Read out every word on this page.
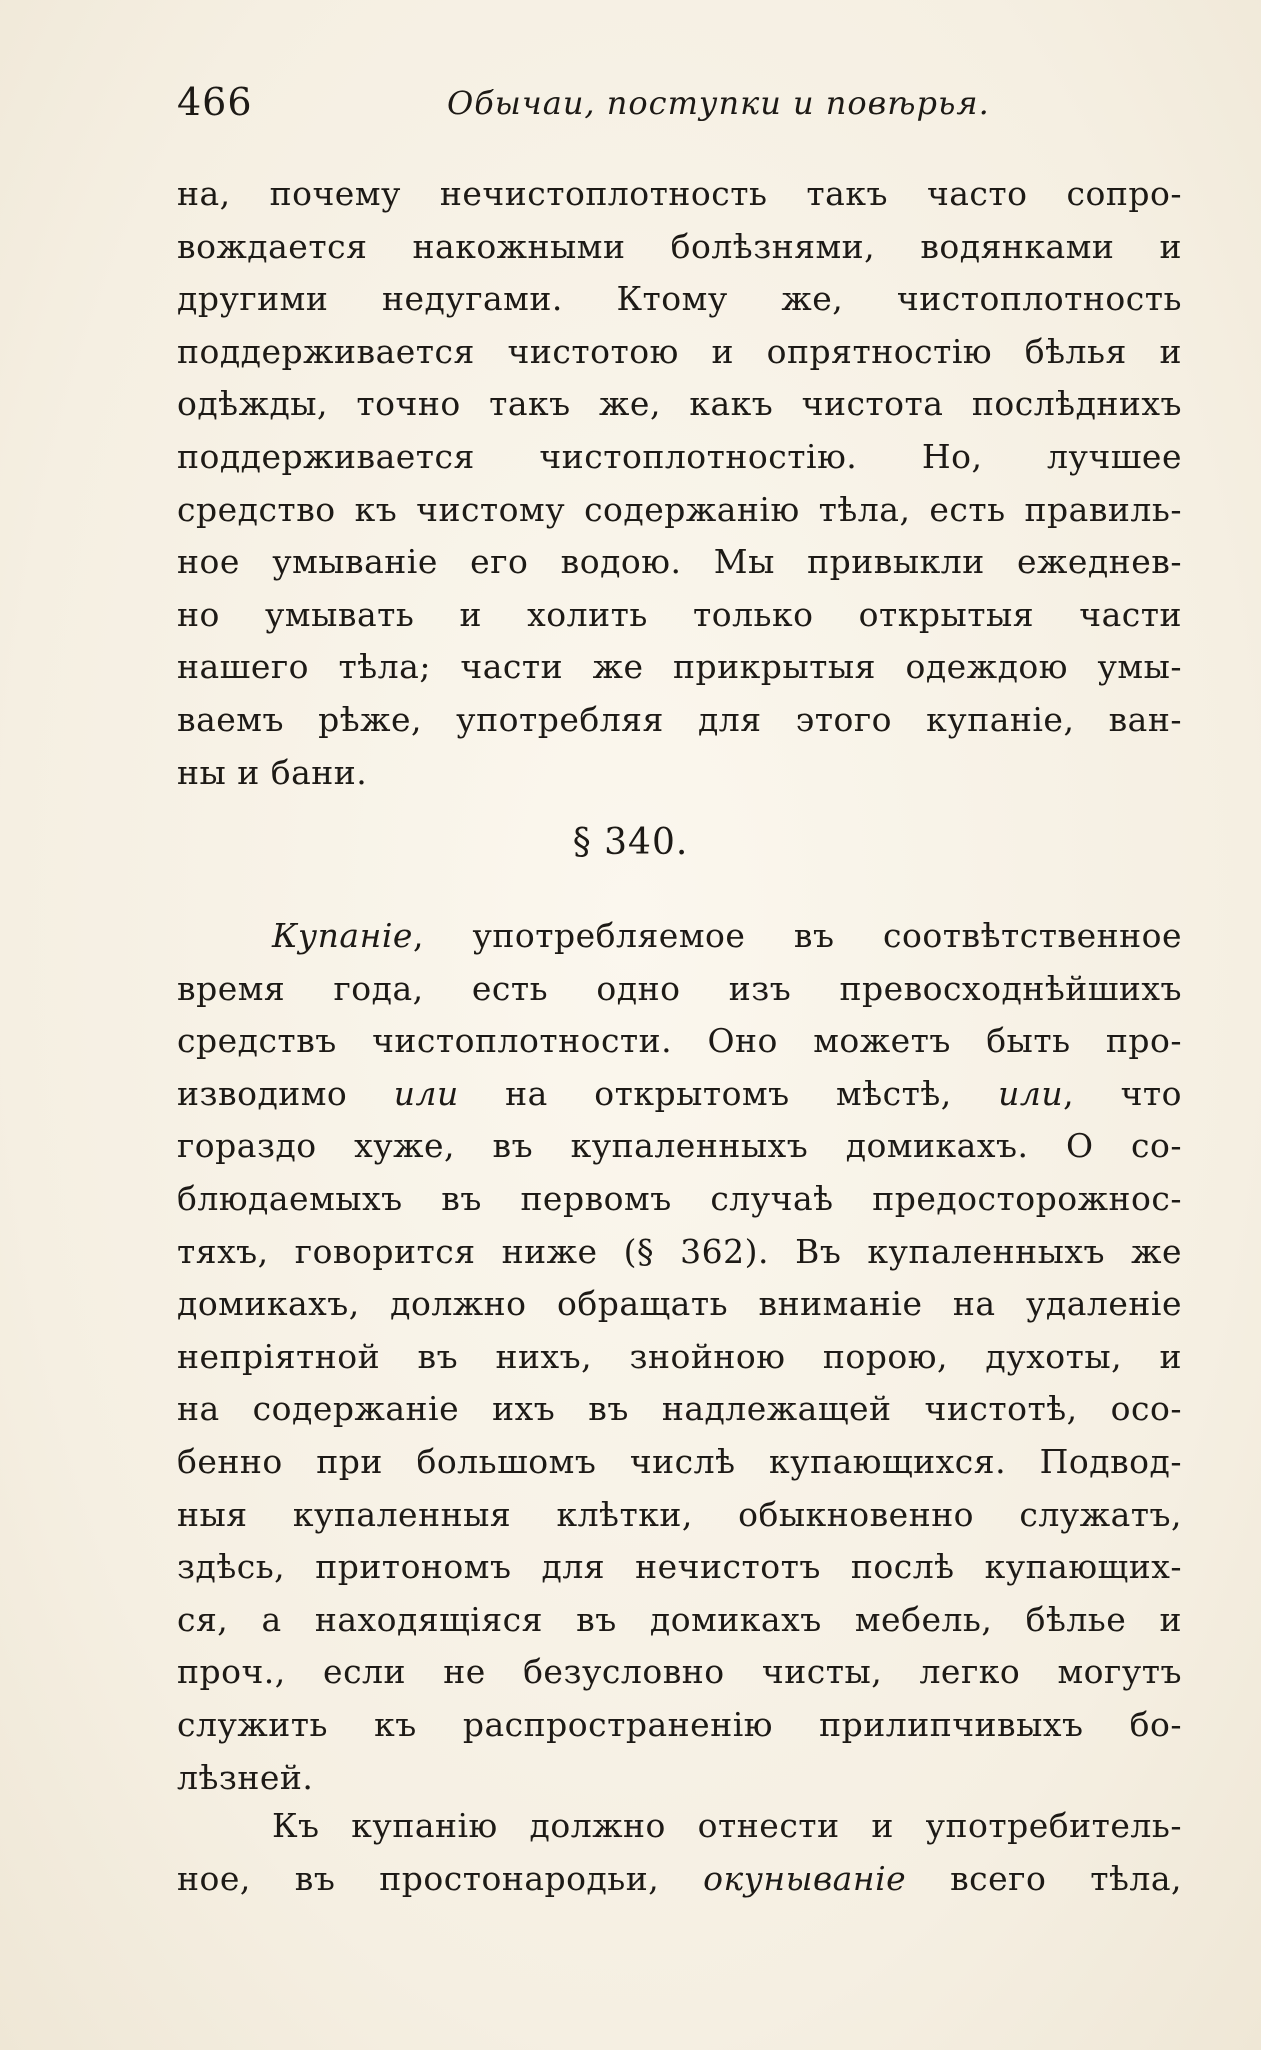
466	Обычаи, поступки и повѣрья.
на, почему нечистоплотность такъ часто сопро-
вождается накожными болѣзнями, водянками и
другими недугами. Ктому же, чистоплотность
поддерживается чистотою и опрятностію бѣлья и
одѣжды, точно такъ же, какъ чистота послѣднихъ
поддерживается чистоплотностію. Но, лучшее
средство къ чистому содержанію тѣла, есть правиль-
ное умываніе его водою. Мы привыкли ежеднев-
но умывать и холить только открытыя части
нашего тѣла; части же прикрытыя одеждою умы-
ваемъ рѣже, употребляя для этого купаніе, ван-
ны и бани.
§ 340.
Купаніе, употребляемое въ соотвѣтственное
время года, есть одно изъ превосходнѣйшихъ
средствъ чистоплотности. Оно можетъ быть про-
изводимо или на открытомъ мѣстѣ, или, что
гораздо хуже, въ купаленныхъ домикахъ. О со-
блюдаемыхъ въ первомъ случаѣ предосторожнос-
тяхъ, говорится ниже (§ 362). Въ купаленныхъ же
домикахъ, должно обращать вниманіе на удаленіе
непріятной въ нихъ, знойною порою, духоты, и
на содержаніе ихъ въ надлежащей чистотѣ, осо-
бенно при большомъ числѣ купающихся. Подвод-
ныя купаленныя клѣтки, обыкновенно служатъ,
здѣсь, притономъ для нечистотъ послѣ купающих-
ся, а находящіяся въ домикахъ мебель, бѣлье и
проч., если не безусловно чисты, легко могутъ
служить къ распространенію прилипчивыхъ бо-
лѣзней.
Къ купанію должно отнести и употребитель-
ное, въ простонародьи, окунываніе всего тѣла,
